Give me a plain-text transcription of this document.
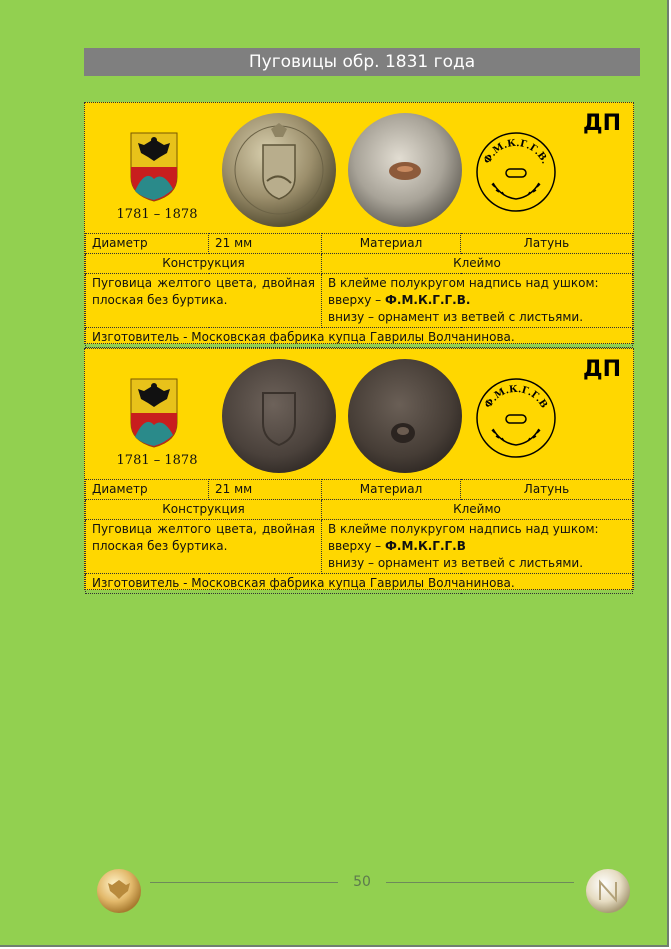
Пуговицы обр. 1831 года
1781 – 1878
Ф.М.К.Г.Г.В.
ДП
Диаметр	21 мм	Материал	Латунь
Конструкция		Клеймо	
Пуговица желтого цвета, двойная плоская без буртика.		В клейме полукругом надпись над ушком:
вверху – Ф.М.К.Г.Г.В.
внизу – орнамент из ветвей с листьями.	

Изготовитель - Московская фабрика купца Гаврилы Волчанинова.			
1781 – 1878
Ф.М.К.Г.Г.В
ДП
Диаметр	21 мм	Материал	Латунь
Конструкция		Клеймо	
Пуговица желтого цвета, двойная плоская без буртика.		В клейме полукругом надпись над ушком:
вверху – Ф.М.К.Г.Г.В
внизу – орнамент из ветвей с листьями.	

Изготовитель - Московская фабрика купца Гаврилы Волчанинова.			
50
